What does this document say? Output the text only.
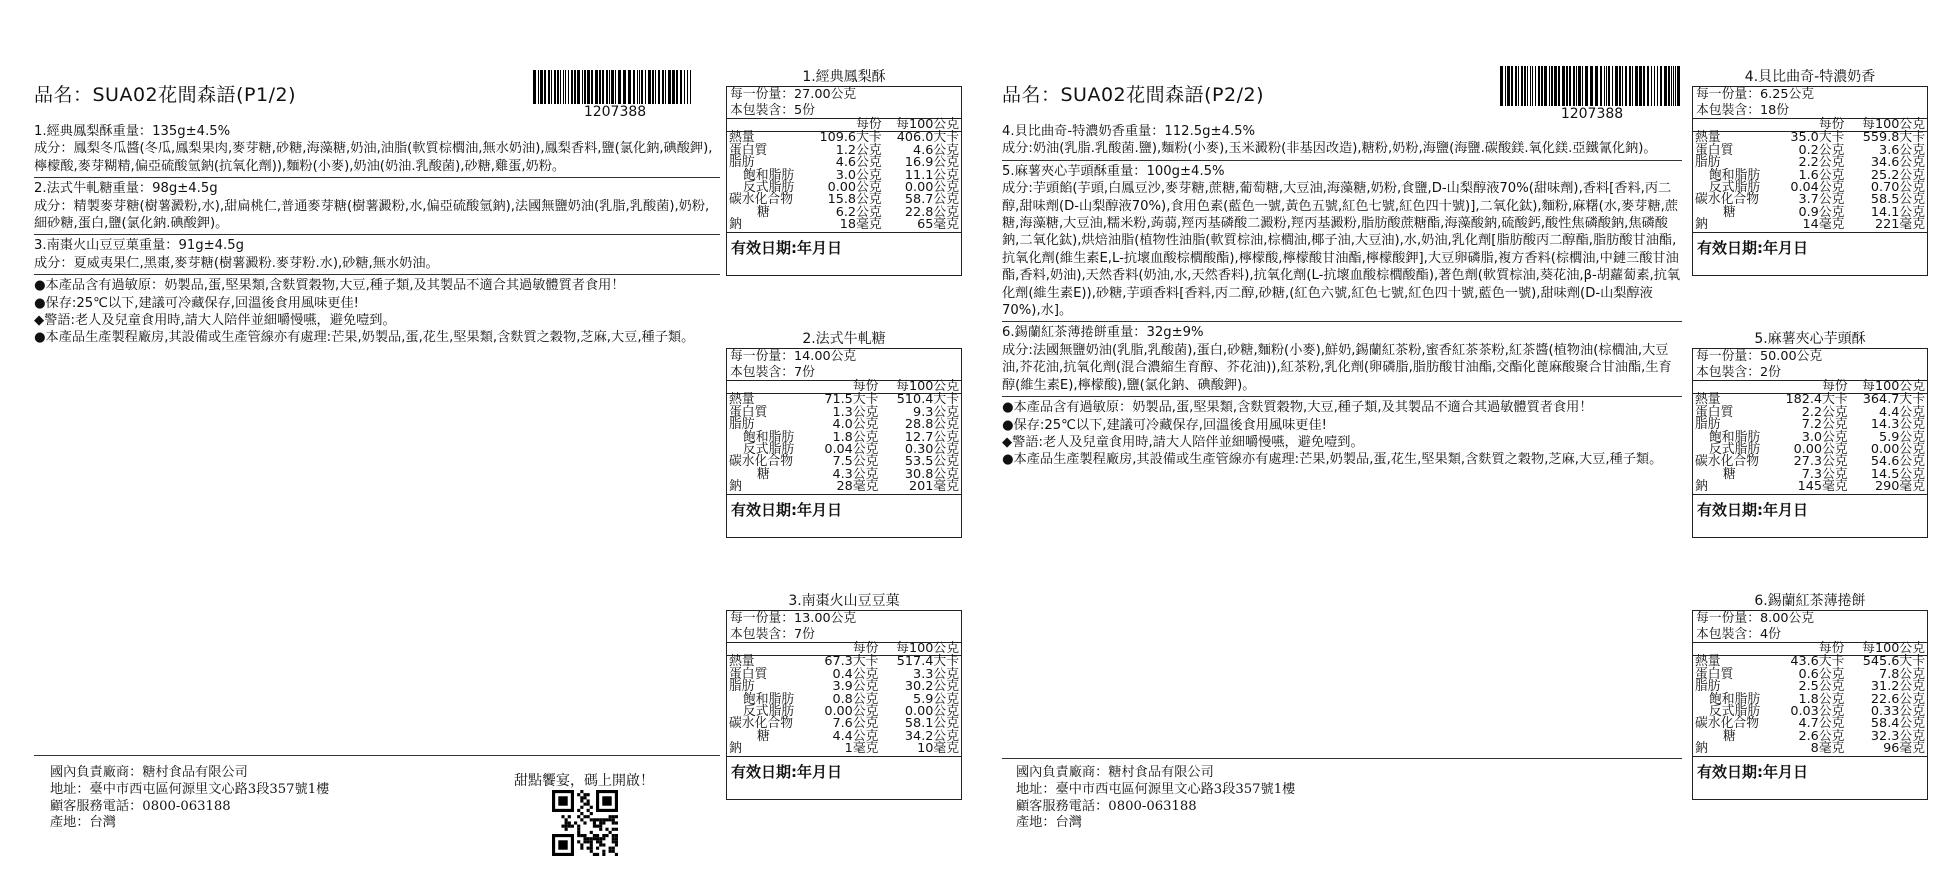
品名：SUA02花間森語(P1/2)
1207388
1.經典鳳梨酥重量：135g±4.5%
成分：鳳梨冬瓜醬(冬瓜,鳳梨果肉,麥芽糖,砂糖,海藻糖,奶油,油脂(軟質棕櫚油,無水奶油),鳳梨香料,鹽(氯化鈉,碘酸鉀),檸檬酸,麥芽糊精,偏亞硫酸氫鈉(抗氧化劑)),麵粉(小麥),奶油(奶油.乳酸菌),砂糖,雞蛋,奶粉。
2.法式牛軋糖重量：98g±4.5g
成分：精製麥芽糖(樹薯澱粉,水),甜扁桃仁,普通麥芽糖(樹薯澱粉,水,偏亞硫酸氫鈉),法國無鹽奶油(乳脂,乳酸菌),奶粉,細砂糖,蛋白,鹽(氯化鈉.碘酸鉀)。
3.南棗火山豆豆菓重量：91g±4.5g
成分：夏威夷果仁,黑棗,麥芽糖(樹薯澱粉.麥芽粉.水),砂糖,無水奶油。
●本產品含有過敏原：奶製品,蛋,堅果類,含麩質穀物,大豆,種子類,及其製品不適合其過敏體質者食用！
●保存:25℃以下,建議可冷藏保存,回溫後食用風味更佳!
◆警語:老人及兒童食用時,請大人陪伴並細嚼慢嚥，避免噎到。
●本產品生產製程廠房,其設備或生產管線亦有處理:芒果,奶製品,蛋,花生,堅果類,含麩質之穀物,芝麻,大豆,種子類。
國內負責廠商：糖村食品有限公司
地址：臺中市西屯區何源里文心路3段357號1樓
顧客服務電話：0800-063188
產地：台灣
甜點饗宴，碼上開啟！
1.經典鳳梨酥
每一份量：27.00公克
本包裝含：5份
	每份	每100公克
熱量	109.6大卡	406.0大卡
蛋白質	1.2公克	4.6公克
脂肪	4.6公克	16.9公克
飽和脂肪	3.0公克	11.1公克
反式脂肪	0.00公克	0.00公克
碳水化合物	15.8公克	58.7公克
糖	6.2公克	22.8公克
鈉	18毫克	65毫克
有效日期:年月日
2.法式牛軋糖
每一份量：14.00公克
本包裝含：7份
	每份	每100公克
熱量	71.5大卡	510.4大卡
蛋白質	1.3公克	9.3公克
脂肪	4.0公克	28.8公克
飽和脂肪	1.8公克	12.7公克
反式脂肪	0.04公克	0.30公克
碳水化合物	7.5公克	53.5公克
糖	4.3公克	30.8公克
鈉	28毫克	201毫克
有效日期:年月日
3.南棗火山豆豆菓
每一份量：13.00公克
本包裝含：7份
	每份	每100公克
熱量	67.3大卡	517.4大卡
蛋白質	0.4公克	3.3公克
脂肪	3.9公克	30.2公克
飽和脂肪	0.8公克	5.9公克
反式脂肪	0.00公克	0.00公克
碳水化合物	7.6公克	58.1公克
糖	4.4公克	34.2公克
鈉	1毫克	10毫克
有效日期:年月日
品名：SUA02花間森語(P2/2)
1207388
4.貝比曲奇-特濃奶香重量：112.5g±4.5%
成分:奶油(乳脂.乳酸菌.鹽),麵粉(小麥),玉米澱粉(非基因改造),糖粉,奶粉,海鹽(海鹽.碳酸鎂.氧化鎂.亞鐵氰化鈉)。
5.麻薯夾心芋頭酥重量：100g±4.5%
成分:芋頭餡(芋頭,白鳳豆沙,麥芽糖,蔗糖,葡萄糖,大豆油,海藻糖,奶粉,食鹽,D-山梨醇液70%(甜味劑),香料[香料,丙二醇,甜味劑(D-山梨醇液70%),食用色素(藍色一號,黃色五號,紅色七號,紅色四十號)],二氧化鈦),麵粉,麻糬(水,麥芽糖,蔗糖,海藻糖,大豆油,糯米粉,蒟蒻,羥丙基磷酸二澱粉,羥丙基澱粉,脂肪酸蔗糖酯,海藻酸鈉,硫酸鈣,酸性焦磷酸鈉,焦磷酸鈉,二氧化鈦),烘焙油脂(植物性油脂(軟質棕油,棕櫚油,椰子油,大豆油),水,奶油,乳化劑[脂肪酸丙二醇酯,脂肪酸甘油酯,抗氧化劑(維生素E,L-抗壞血酸棕櫚酸酯),檸檬酸,檸檬酸甘油酯,檸檬酸鉀],大豆卵磷脂,複方香料(棕櫚油,中鏈三酸甘油酯,香料,奶油),天然香料(奶油,水,天然香料),抗氧化劑(L-抗壞血酸棕櫚酸酯),著色劑(軟質棕油,葵花油,β-胡蘿蔔素,抗氧化劑(維生素E)),砂糖,芋頭香料[香料,丙二醇,砂糖,(紅色六號,紅色七號,紅色四十號,藍色一號),甜味劑(D-山梨醇液70%),水]。
6.錫蘭紅茶薄捲餅重量：32g±9%
成分:法國無鹽奶油(乳脂,乳酸菌),蛋白,砂糖,麵粉(小麥),鮮奶,錫蘭紅茶粉,蜜香紅茶茶粉,紅茶醬(植物油(棕櫚油,大豆油,芥花油,抗氧化劑(混合濃縮生育醇、芥花油)),紅茶粉,乳化劑(卵磷脂,脂肪酸甘油酯,交酯化蓖麻酸聚合甘油酯,生育醇(維生素E),檸檬酸),鹽(氯化鈉、碘酸鉀)。
●本產品含有過敏原：奶製品,蛋,堅果類,含麩質穀物,大豆,種子類,及其製品不適合其過敏體質者食用！
●保存:25℃以下,建議可冷藏保存,回溫後食用風味更佳!
◆警語:老人及兒童食用時,請大人陪伴並細嚼慢嚥，避免噎到。
●本產品生產製程廠房,其設備或生產管線亦有處理:芒果,奶製品,蛋,花生,堅果類,含麩質之穀物,芝麻,大豆,種子類。
國內負責廠商：糖村食品有限公司
地址：臺中市西屯區何源里文心路3段357號1樓
顧客服務電話：0800-063188
產地：台灣
4.貝比曲奇-特濃奶香
每一份量：6.25公克
本包裝含：18份
	每份	每100公克
熱量	35.0大卡	559.8大卡
蛋白質	0.2公克	3.6公克
脂肪	2.2公克	34.6公克
飽和脂肪	1.6公克	25.2公克
反式脂肪	0.04公克	0.70公克
碳水化合物	3.7公克	58.5公克
糖	0.9公克	14.1公克
鈉	14毫克	221毫克
有效日期:年月日
5.麻薯夾心芋頭酥
每一份量：50.00公克
本包裝含：2份
	每份	每100公克
熱量	182.4大卡	364.7大卡
蛋白質	2.2公克	4.4公克
脂肪	7.2公克	14.3公克
飽和脂肪	3.0公克	5.9公克
反式脂肪	0.00公克	0.00公克
碳水化合物	27.3公克	54.6公克
糖	7.3公克	14.5公克
鈉	145毫克	290毫克
有效日期:年月日
6.錫蘭紅茶薄捲餅
每一份量：8.00公克
本包裝含：4份
	每份	每100公克
熱量	43.6大卡	545.6大卡
蛋白質	0.6公克	7.8公克
脂肪	2.5公克	31.2公克
飽和脂肪	1.8公克	22.6公克
反式脂肪	0.03公克	0.33公克
碳水化合物	4.7公克	58.4公克
糖	2.6公克	32.3公克
鈉	8毫克	96毫克
有效日期:年月日
